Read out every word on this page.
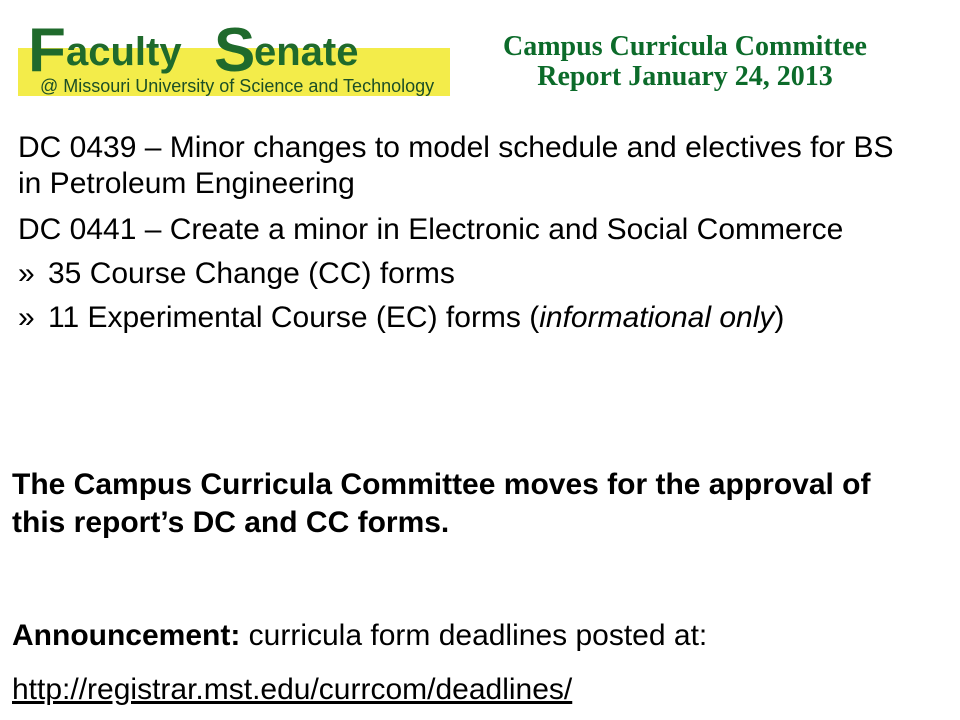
F aculty S
enate
@ Missouri University of Science and Technology
Campus Curricula Committee
Report January 24, 2013

DC 0439 – Minor changes to model schedule and electives for BS in Petroleum Engineering

DC 0441 – Create a minor in Electronic and Social Commerce

» 35 Course Change (CC) forms
» 11 Experimental Course (EC) forms (informational only)
The Campus Curricula Committee moves for the approval of this report’s DC and CC forms.
Announcement: curricula form deadlines posted at:
http://registrar.mst.edu/currcom/deadlines/
